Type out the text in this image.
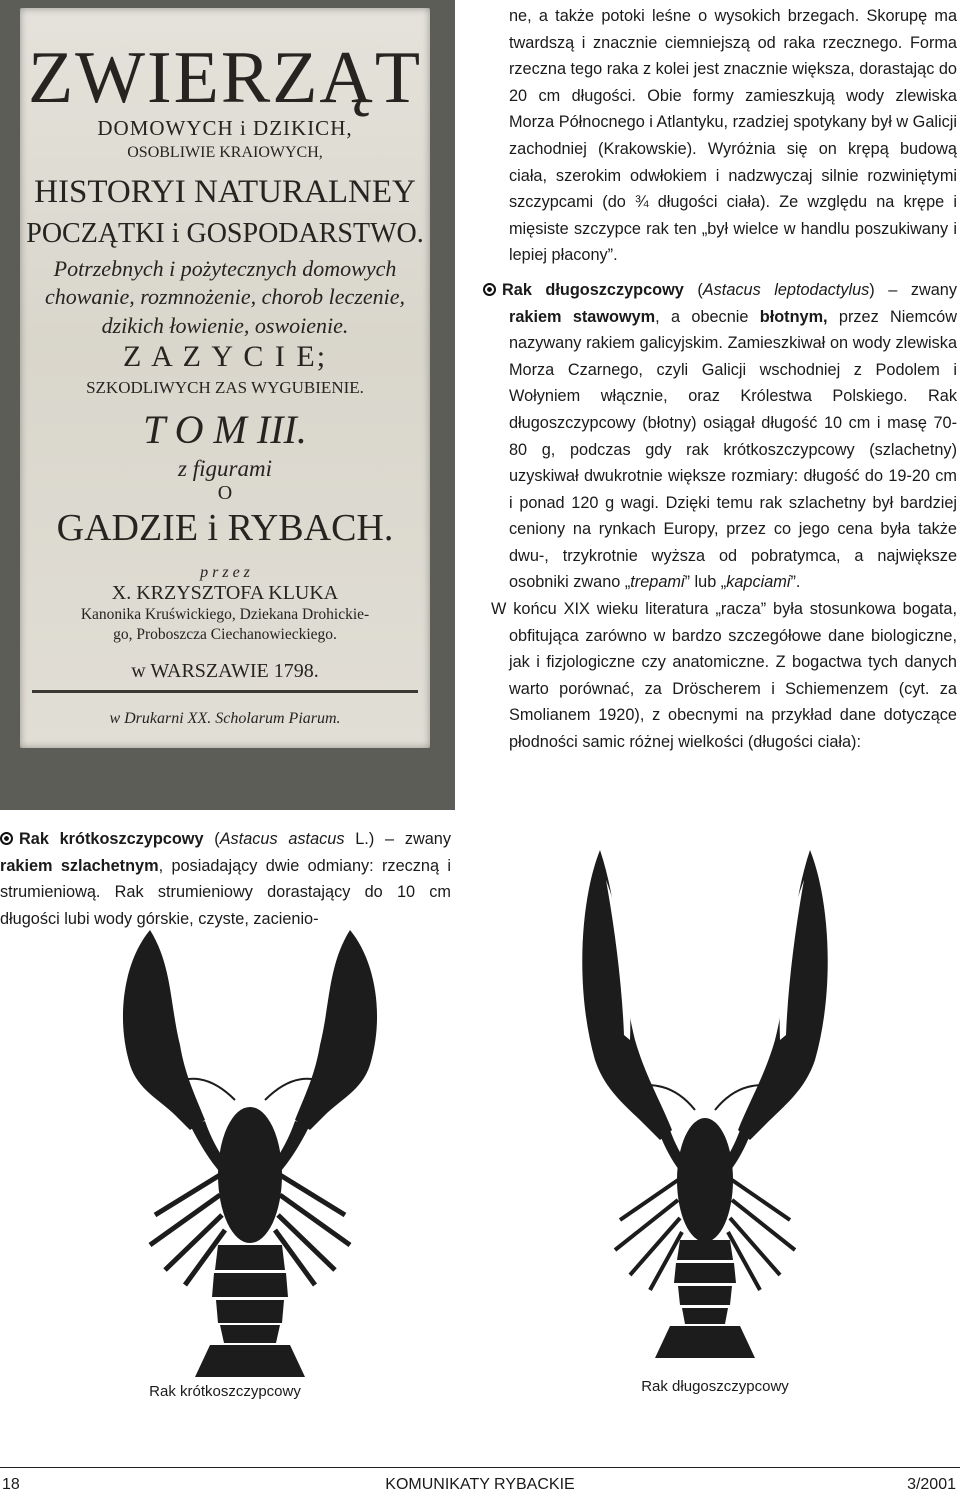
ZWIERZĄT
DOMOWYCH i DZIKICH,
OSOBLIWIE KRAIOWYCH,
HISTORYI NATURALNEY
POCZĄTKI i GOSPODARSTWO.
Potrzebnych i pożytecznych domowych
chowanie, rozmnożenie, chorob leczenie,
dzikich łowienie, oswoienie.
Z A Z Y C I E;
SZKODLIWYCH ZAS WYGUBIENIE.
T O M III.
z figurami
O
GADZIE i RYBACH.
p r z e z
X. KRZYSZTOFA KLUKA
Kanonika Kruświckiego, Dziekana Drohickie-
go, Proboszcza Ciechanowieckiego.
w WARSZAWIE 1798.
w Drukarni XX. Scholarum Piarum.

Rak krótkoszczypcowy (Astacus astacus L.) – zwany rakiem szlachetnym, posiadający dwie odmiany: rzeczną i strumieniową. Rak strumieniowy dorastający do 10 cm długości lubi wody górskie, czyste, zacienio-

ne, a także potoki leśne o wysokich brzegach. Skorupę ma twardszą i znacznie ciemniejszą od raka rzecznego. Forma rzeczna tego raka z kolei jest znacznie większa, dorastając do 20 cm długości. Obie formy zamieszkują wody zlewiska Morza Północnego i Atlantyku, rzadziej spotykany był w Galicji zachodniej (Krakowskie). Wyróżnia się on krępą budową ciała, szerokim odwłokiem i nadzwyczaj silnie rozwiniętymi szczypcami (do ¾ długości ciała). Ze względu na krępe i mięsiste szczypce rak ten „był wielce w handlu poszukiwany i lepiej płacony”.

Rak długoszczypcowy (Astacus leptodactylus) – zwany rakiem stawowym, a obecnie błotnym, przez Niemców nazywany rakiem galicyjskim. Zamieszkiwał on wody zlewiska Morza Czarnego, czyli Galicji wschodniej z Podolem i Wołyniem włącznie, oraz Królestwa Polskiego. Rak długoszczypcowy (błotny) osiągał długość 10 cm i masę 70-80 g, podczas gdy rak krótkoszczypcowy (szlachetny) uzyskiwał dwukrotnie większe rozmiary: długość do 19-20 cm i ponad 120 g wagi. Dzięki temu rak szlachetny był bardziej ceniony na rynkach Europy, przez co jego cena była także dwu-, trzykrotnie wyższa od pobratymca, a największe osobniki zwano „trepami” lub „kapciami”.

W końcu XIX wieku literatura „racza” była stosunkowa bogata, obfitująca zarówno w bardzo szczegółowe dane biologiczne, jak i fizjologiczne czy anatomiczne. Z bogactwa tych danych warto porównać, za Dröscherem i Schiemenzem (cyt. za Smolianem 1920), z obecnymi na przykład dane dotyczące płodności samic różnej wielkości (długości ciała):

Rak krótkoszczypcowy	Rak długoszczypcowy
18	KOMUNIKATY RYBACKIE	3/2001
